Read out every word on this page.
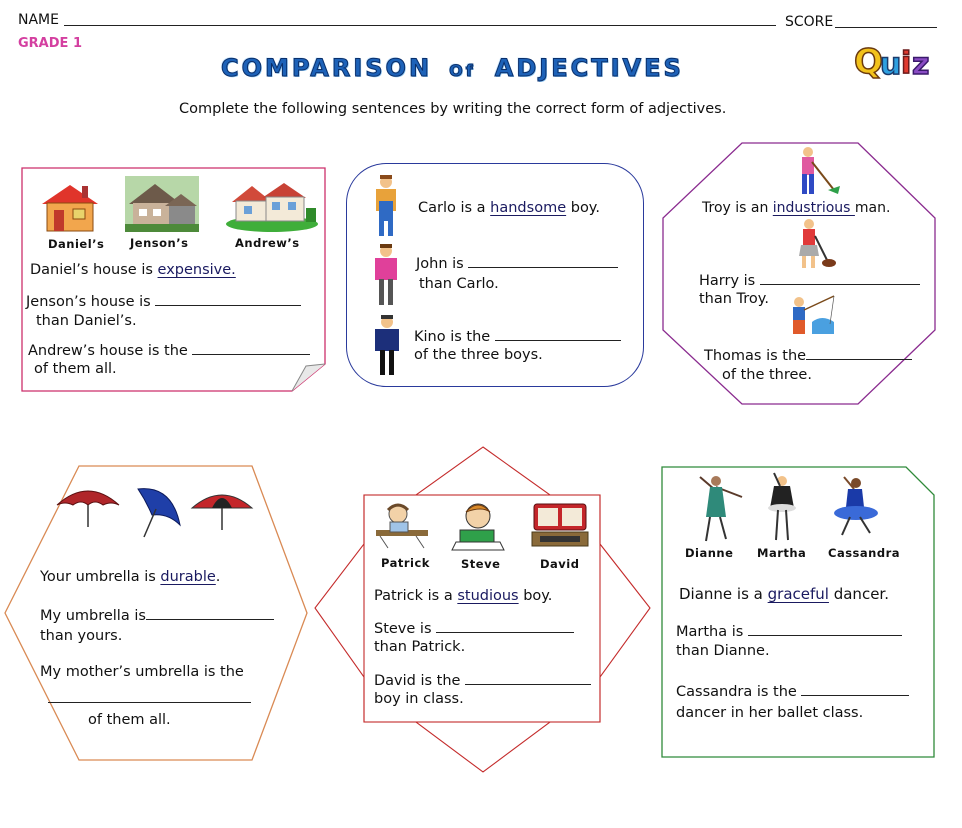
NAME	SCORE
GRADE 1
COMPARISON Of ADJECTIVES	Q
u i z
Complete the following sentences by writing the correct form of adjectives.
Daniel’s Jenson’s	Andrew’s
Daniel’s house is expensive.
Jenson’s house is
than Daniel’s.
Andrew’s house is the
of them all.
Carlo is a handsome boy.
John is
than Carlo.
Kino is the
of the three boys.
Troy is an industrious man.
Harry is
than Troy.
Thomas is the
of the three.
Your umbrella is durable.
My umbrella is
than yours.
My mother’s umbrella is the
of them all.
Patrick	Steve	David
Patrick is a studious boy.
Steve is
than Patrick.
David is the
boy in class.
Dianne Martha Cassandra
Dianne is a graceful dancer.
Martha is
than Dianne.
Cassandra is the
dancer in her ballet class.
